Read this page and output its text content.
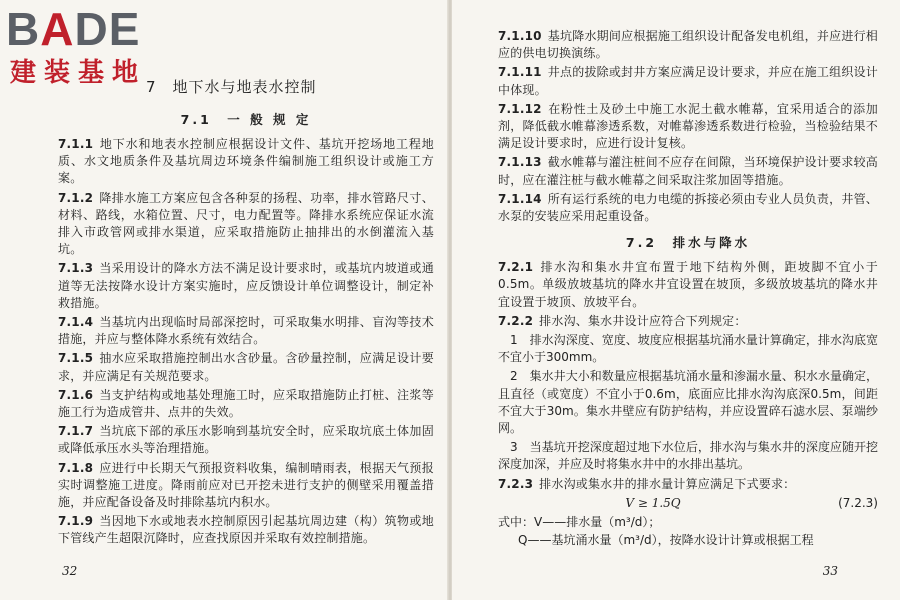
BADE
建装基地 7　地下水与地表水控制
7.1　一 般 规 定
7.1.1 地下水和地表水控制应根据设计文件、基坑开挖场地工程地质、水文地质条件及基坑周边环境条件编制施工组织设计或施工方案。
7.1.2 降排水施工方案应包含各种泵的扬程、功率，排水管路尺寸、材料、路线，水箱位置、尺寸，电力配置等。降排水系统应保证水流排入市政管网或排水渠道，应采取措施防止抽排出的水倒灌流入基坑。
7.1.3 当采用设计的降水方法不满足设计要求时，或基坑内坡道或通道等无法按降水设计方案实施时，应反馈设计单位调整设计，制定补救措施。
7.1.4 当基坑内出现临时局部深挖时，可采取集水明排、盲沟等技术措施，并应与整体降水系统有效结合。
7.1.5 抽水应采取措施控制出水含砂量。含砂量控制，应满足设计要求，并应满足有关规范要求。
7.1.6 当支护结构或地基处理施工时，应采取措施防止打桩、注浆等施工行为造成管井、点井的失效。
7.1.7 当坑底下部的承压水影响到基坑安全时，应采取坑底土体加固或降低承压水头等治理措施。
7.1.8 应进行中长期天气预报资料收集，编制晴雨表，根据天气预报实时调整施工进度。降雨前应对已开挖未进行支护的侧壁采用覆盖措施，并应配备设备及时排除基坑内积水。
7.1.9 当因地下水或地表水控制原因引起基坑周边建（构）筑物或地下管线产生超限沉降时，应查找原因并采取有效控制措施。
32
7.1.10 基坑降水期间应根据施工组织设计配备发电机组，并应进行相应的供电切换演练。
7.1.11 井点的拔除或封井方案应满足设计要求，并应在施工组织设计中体现。
7.1.12 在粉性土及砂土中施工水泥土截水帷幕，宜采用适合的添加剂，降低截水帷幕渗透系数，对帷幕渗透系数进行检验，当检验结果不满足设计要求时，应进行设计复核。
7.1.13 截水帷幕与灌注桩间不应存在间隙，当环境保护设计要求较高时，应在灌注桩与截水帷幕之间采取注浆加固等措施。
7.1.14 所有运行系统的电力电缆的拆接必须由专业人员负责，井管、水泵的安装应采用起重设备。
7.2　排水与降水
7.2.1 排水沟和集水井宜布置于地下结构外侧，距坡脚不宜小于0.5m。单级放坡基坑的降水井宜设置在坡顶，多级放坡基坑的降水井宜设置于坡顶、放坡平台。
7.2.2 排水沟、集水井设计应符合下列规定：
1　排水沟深度、宽度、坡度应根据基坑涌水量计算确定，排水沟底宽不宜小于300mm。
2　集水井大小和数量应根据基坑涌水量和渗漏水量、积水水量确定，且直径（或宽度）不宜小于0.6m，底面应比排水沟沟底深0.5m，间距不宜大于30m。集水井壁应有防护结构，并应设置碎石滤水层、泵端纱网。
3　当基坑开挖深度超过地下水位后，排水沟与集水井的深度应随开挖深度加深，并应及时将集水井中的水排出基坑。
7.2.3 排水沟或集水井的排水量计算应满足下式要求：
V ≥ 1.5Q	(7.2.3)
式中：V——排水量（m³/d）；
Q——基坑涌水量（m³/d），按降水设计计算或根据工程
33
